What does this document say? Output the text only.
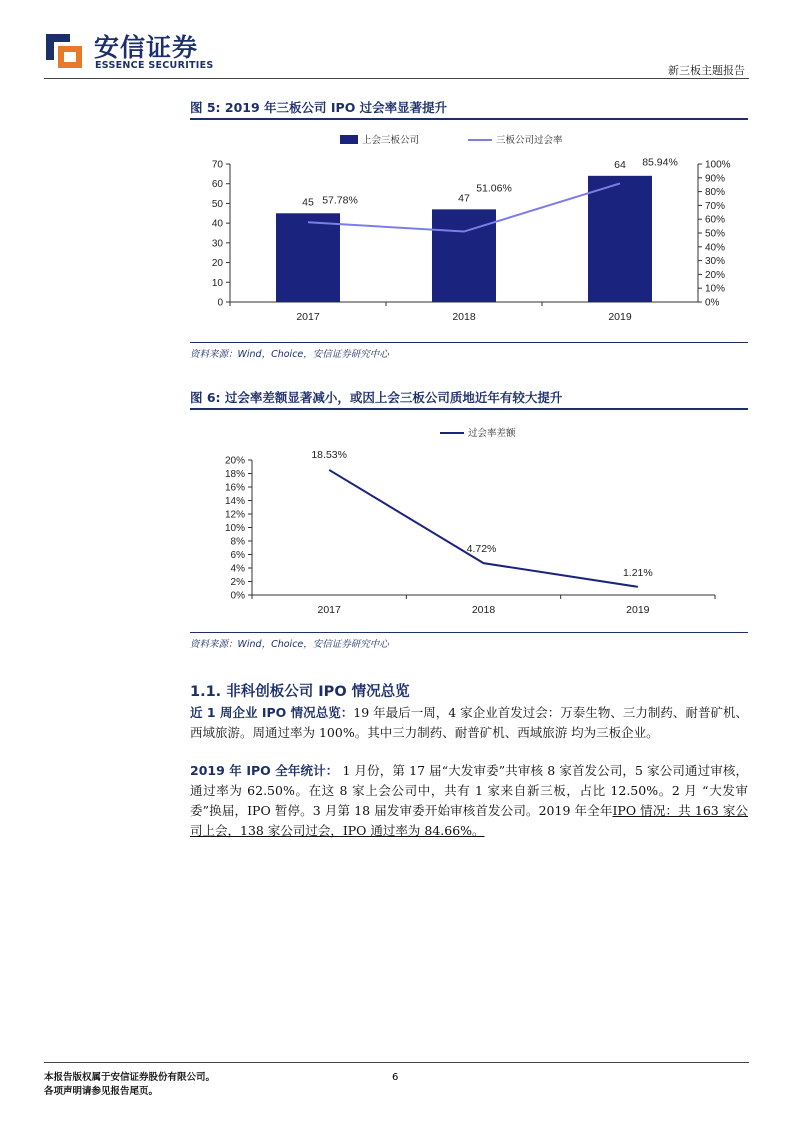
安信证券
ESSENCE SECURITIES	新三板主题报告
图 5: 2019 年三板公司 IPO 过会率显著提升
上会三板公司	三板公司过会率
0
10
20
30
40
50
60
70
0%
10%
20%
30%
40%
50%
60%
70%
80%
90%
100%
45
2017
47
2018
64
2019
57.78%
51.06%
85.94%
资料来源：Wind，Choice，安信证券研究中心
图 6: 过会率差额显著减小，或因上会三板公司质地近年有较大提升
过会率差额
0%
2%
4%
6%
8%
10%
12%
14%
16%
18%
20%
2017	2018	2019
18.53%
4.72%
1.21%
资料来源：Wind，Choice，安信证券研究中心
1.1. 非科创板公司 IPO 情况总览
近 1 周企业 IPO 情况总览：19 年最后一周，4 家企业首发过会：万泰生物、三力制药、耐普矿机、西域旅游。周通过率为 100%。其中三力制药、耐普矿机、西域旅游 均为三板企业。
2019 年 IPO 全年统计： 1 月份，第 17 届“大发审委”共审核 8 家首发公司，5 家公司通过审核，通过率为 62.50%。在这 8 家上会公司中，共有 1 家来自新三板，占比 12.50%。2 月 “大发审委”换届，IPO 暂停。3 月第 18 届发审委开始审核首发公司。2019 年全年IPO 情况：共 163 家公司上会，138 家公司过会，IPO 通过率为 84.66%。
本报告版权属于安信证券股份有限公司。
各项声明请参见报告尾页。
6
